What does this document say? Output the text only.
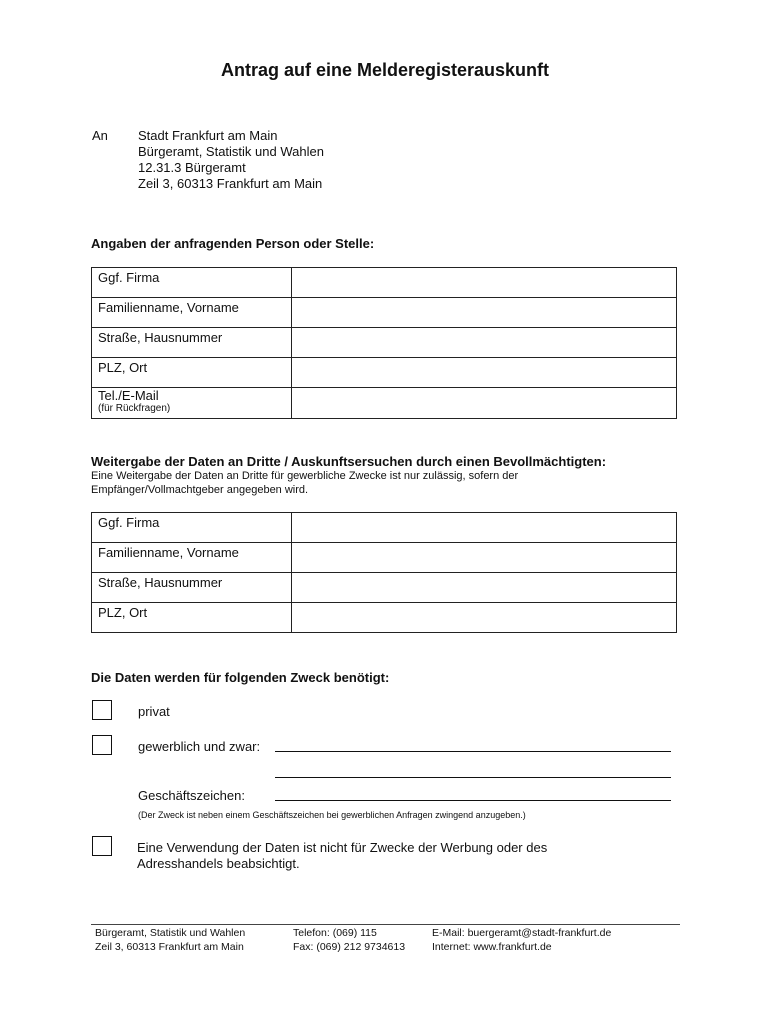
Antrag auf eine Melderegisterauskunft
An Stadt Frankfurt am Main
Bürgeramt, Statistik und Wahlen
12.31.3 Bürgeramt
Zeil 3, 60313 Frankfurt am Main
Angaben der anfragenden Person oder Stelle:
Ggf. Firma	
Familienname, Vorname	
Straße, Hausnummer	
PLZ, Ort	
Tel./E-Mail
(für Rückfragen)	

Weitergabe der Daten an Dritte / Auskunftsersuchen durch einen Bevollmächtigten:
Eine Weitergabe der Daten an Dritte für gewerbliche Zwecke ist nur zulässig, sofern der
Empfänger/Vollmachtgeber angegeben wird.
Ggf. Firma	
Familienname, Vorname	
Straße, Hausnummer	
PLZ, Ort	
Die Daten werden für folgenden Zweck benötigt:
privat
gewerblich und zwar:
Geschäftszeichen:
(Der Zweck ist neben einem Geschäftszeichen bei gewerblichen Anfragen zwingend anzugeben.)
Eine Verwendung der Daten ist nicht für Zwecke der Werbung oder des
Adresshandels beabsichtigt.
Bürgeramt, Statistik und Wahlen
Zeil 3, 60313 Frankfurt am Main
Telefon: (069) 115
Fax: (069) 212 9734613
E-Mail: buergeramt@stadt-frankfurt.de
Internet: www.frankfurt.de
